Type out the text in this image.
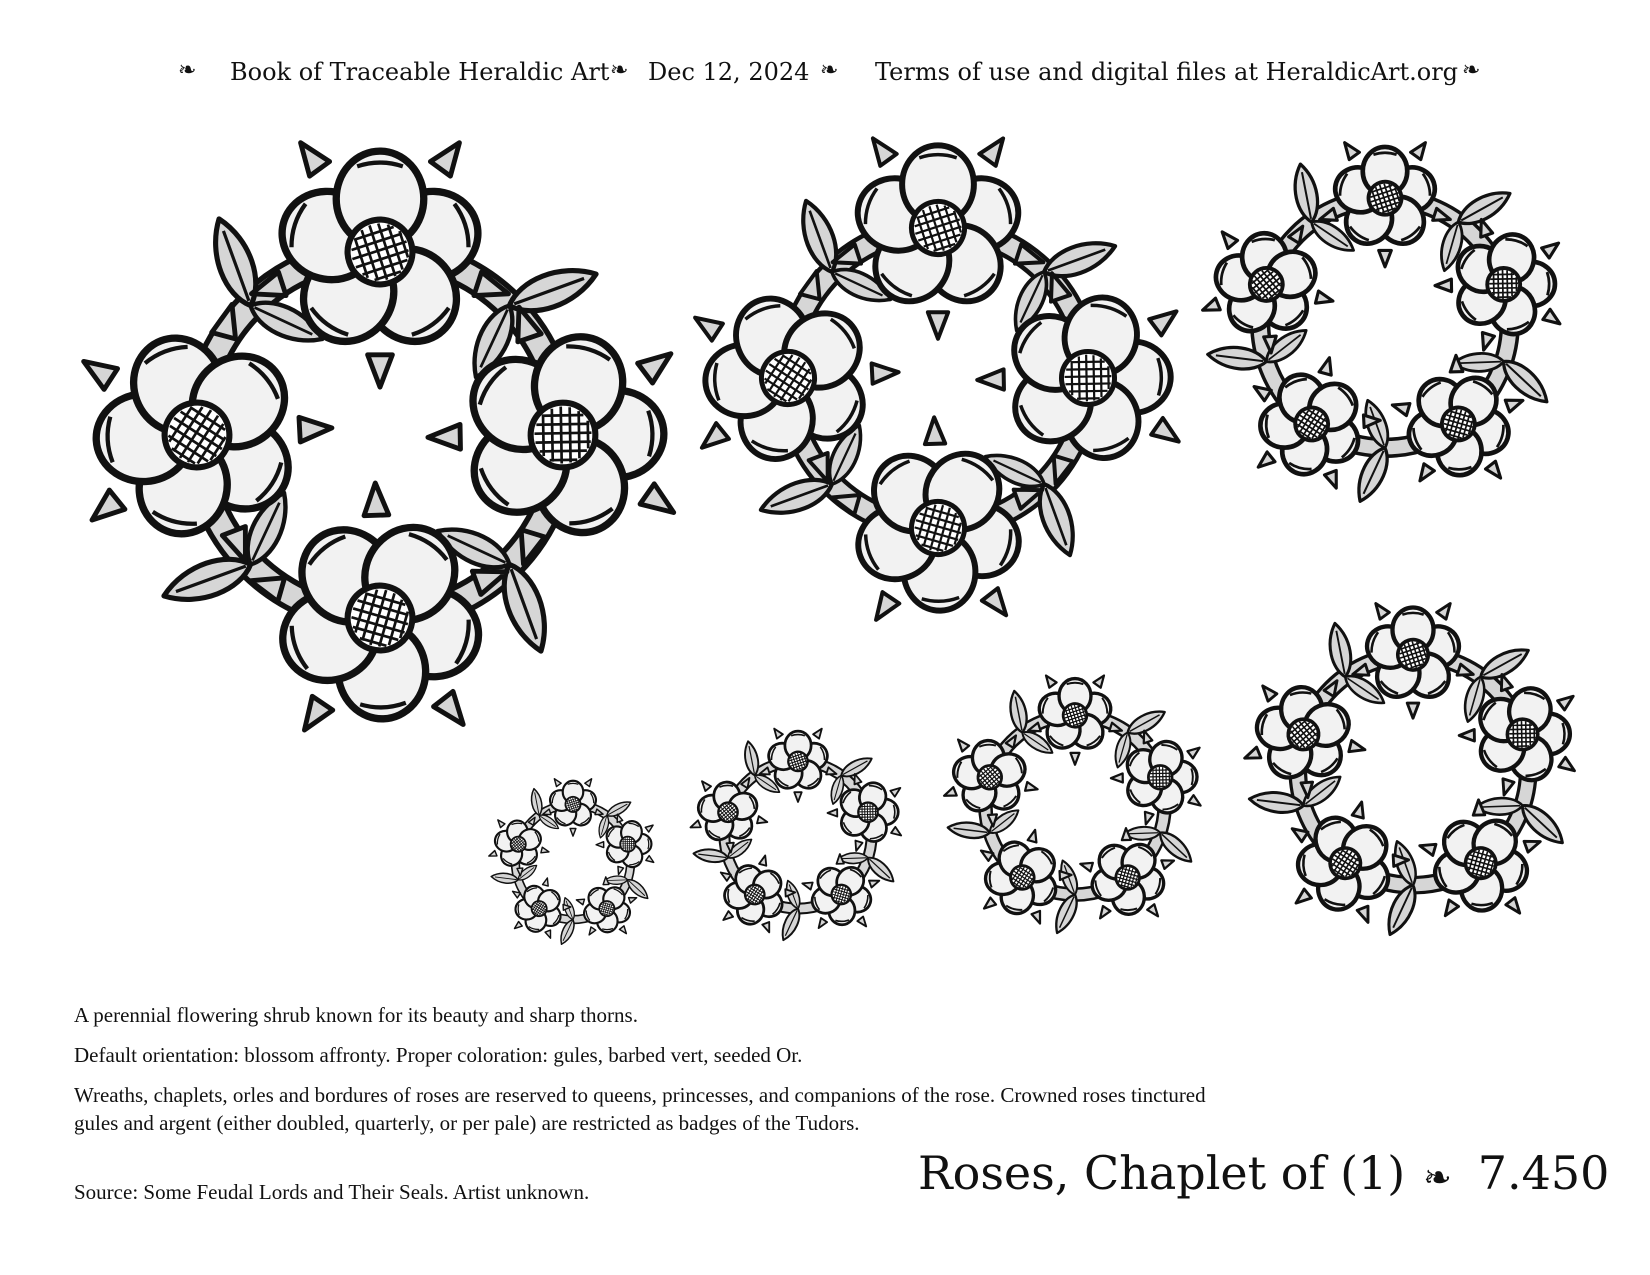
❧ Book of Traceable Heraldic Art ❧ Dec 12, 2024 ❧ Terms of use and digital files at HeraldicArt.org ❧
A perennial flowering shrub known for its beauty and sharp thorns.
Default orientation: blossom affronty. Proper coloration: gules, barbed vert, seeded Or.
Wreaths, chaplets, orles and bordures of roses are reserved to queens, princesses, and companions of the rose. Crowned roses tinctured gules and argent (either doubled, quarterly, or per pale) are restricted as badges of the Tudors.
Source: Some Feudal Lords and Their Seals. Artist unknown.	Roses, Chaplet of (1) ❧ 7.450
